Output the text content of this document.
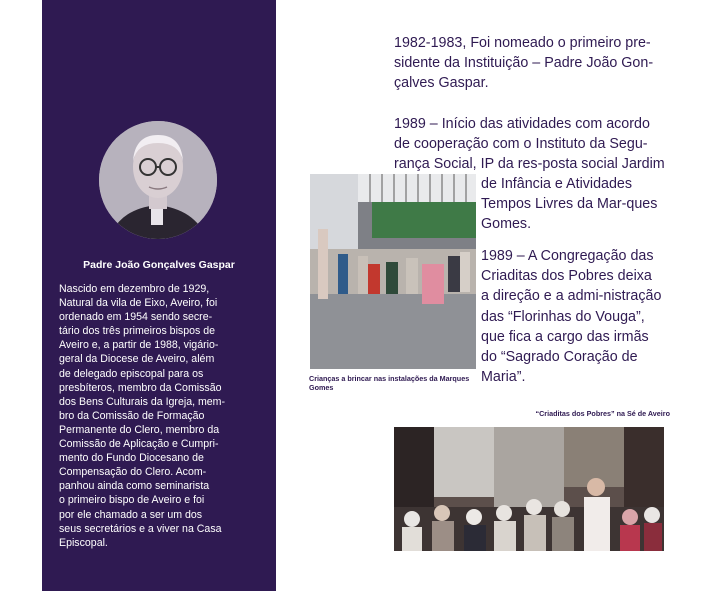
Padre João Gonçalves Gaspar
Nascido em dezembro de 1929,
Natural da vila de Eixo, Aveiro, foi
ordenado em 1954 sendo secre-
tário dos três primeiros bispos de
Aveiro e, a partir de 1988, vigário-
geral da Diocese de Aveiro, além
de delegado episcopal para os
presbíteros, membro da Comissão
dos Bens Culturais da Igreja, mem-
bro da Comissão de Formação
Permanente do Clero, membro da
Comissão de Aplicação e Cumpri-
mento do Fundo Diocesano de
Compensação do Clero. Acom-
panhou ainda como seminarista
o primeiro bispo de Aveiro e foi
por ele chamado a ser um dos
seus secretários e a viver na Casa
Episcopal.
1982-1983, Foi nomeado o primeiro pre-
sidente da Instituição – Padre João Gon-
çalves Gaspar.
1989 – Início das atividades com acordo
de cooperação com o Instituto da Segu-
rança Social, IP da res-posta social Jardim
de Infância e Atividades
Tempos Livres da Mar-ques
Gomes.
1989 – A Congregação das
Criaditas dos Pobres deixa
a direção e a admi-nistração
das “Florinhas do Vouga”,
que fica a cargo das irmãs
do “Sagrado Coração de
Maria”.
Crianças a brincar nas instalações da Marques Gomes
“Criaditas dos Pobres” na Sé de Aveiro
